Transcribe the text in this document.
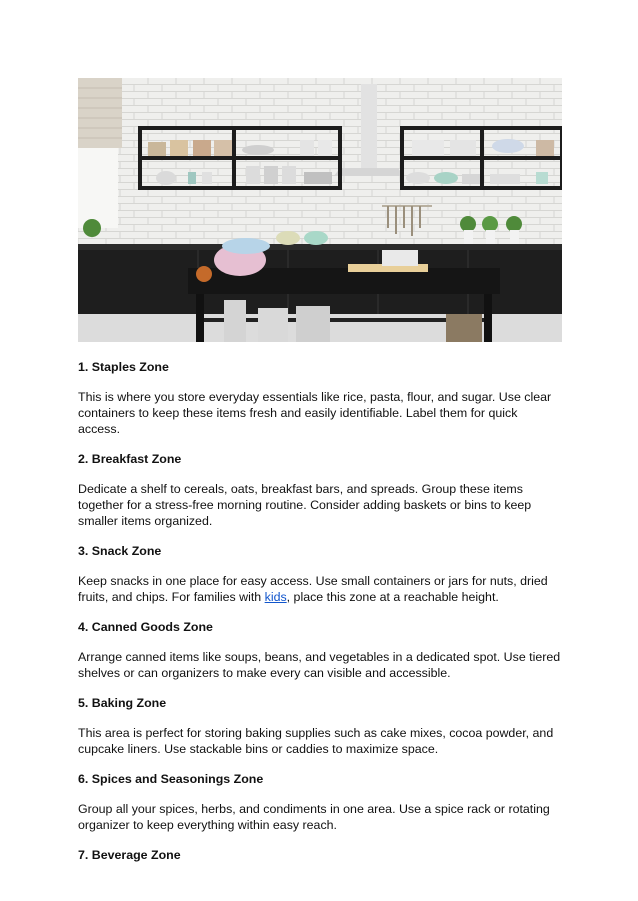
1. Staples Zone

This is where you store everyday essentials like rice, pasta, flour, and sugar. Use clear containers to keep these items fresh and easily identifiable. Label them for quick access.

2. Breakfast Zone

Dedicate a shelf to cereals, oats, breakfast bars, and spreads. Group these items together for a stress-free morning routine. Consider adding baskets or bins to keep smaller items organized.

3. Snack Zone

Keep snacks in one place for easy access. Use small containers or jars for nuts, dried fruits, and chips. For families with kids, place this zone at a reachable height.

4. Canned Goods Zone

Arrange canned items like soups, beans, and vegetables in a dedicated spot. Use tiered shelves or can organizers to make every can visible and accessible.

5. Baking Zone

This area is perfect for storing baking supplies such as cake mixes, cocoa powder, and cupcake liners. Use stackable bins or caddies to maximize space.

6. Spices and Seasonings Zone

Group all your spices, herbs, and condiments in one area. Use a spice rack or rotating organizer to keep everything within easy reach.

7. Beverage Zone
